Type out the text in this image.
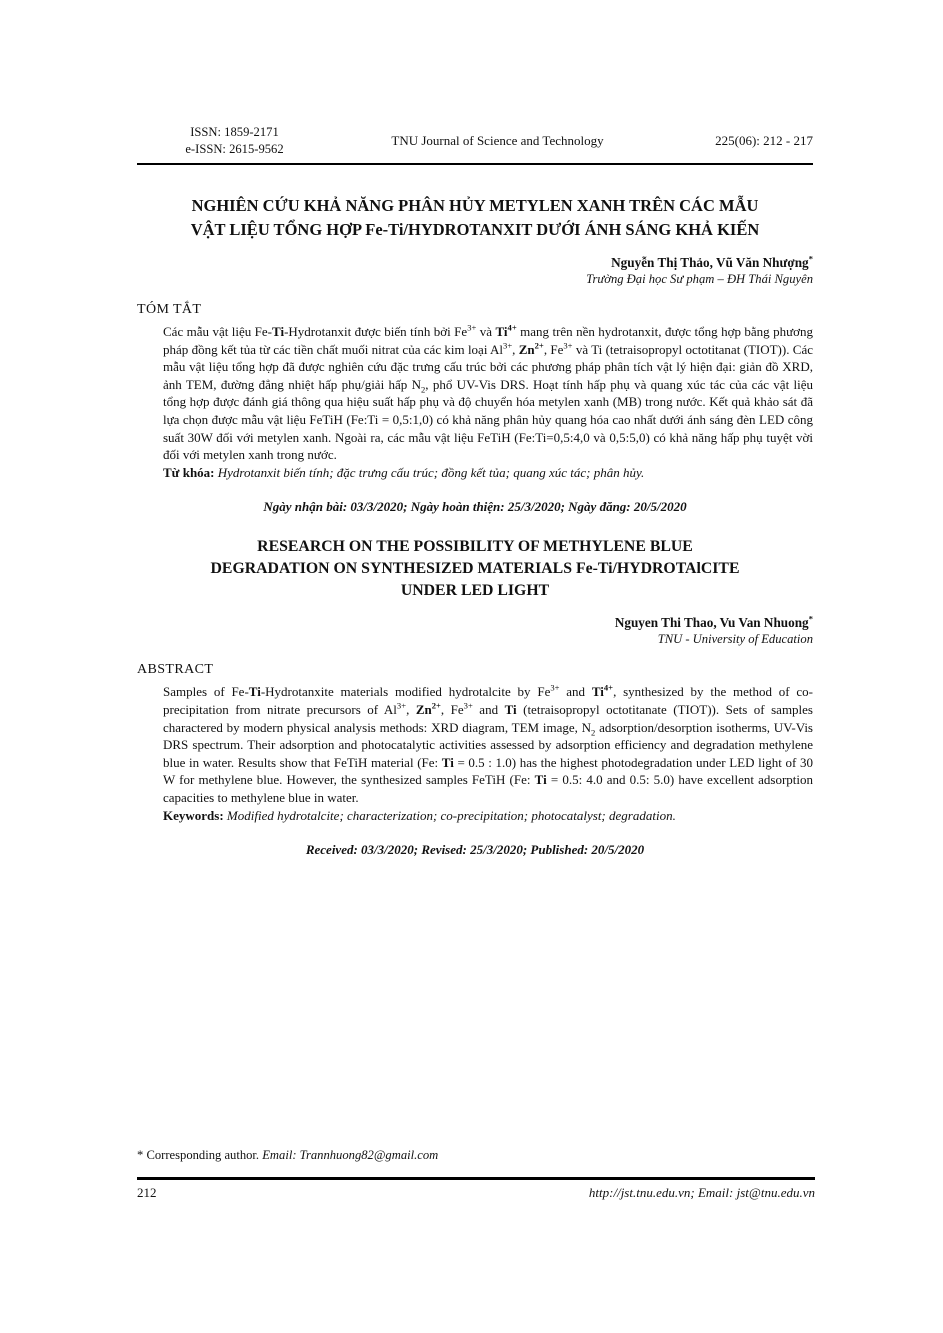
ISSN: 1859-2171
e-ISSN: 2615-9562
TNU Journal of Science and Technology	225(06): 212 - 217
NGHIÊN CỨU KHẢ NĂNG PHÂN HỦY METYLEN XANH TRÊN CÁC MẪU
VẬT LIỆU TỔNG HỢP Fe-Ti/HYDROTANXIT DƯỚI ÁNH SÁNG KHẢ KIẾN
Nguyễn Thị Thảo, Vũ Văn Nhượng*
Trường Đại học Sư phạm – ĐH Thái Nguyên
TÓM TẮT
Các mẫu vật liệu Fe-Ti-Hydrotanxit được biến tính bởi $Fe^{3+}$ và $Ti^{4+}$ mang trên nền hydrotanxit, được tổng hợp bằng phương pháp đồng kết tủa từ các tiền chất muối nitrat của các kim loại $Al^{3+}$, $Zn^{2+}$, $Fe^{3+}$ và Ti (tetraisopropyl octotitanat (TIOT)). Các mẫu vật liệu tổng hợp đã được nghiên cứu đặc trưng cấu trúc bởi các phương pháp phân tích vật lý hiện đại: giản đồ XRD, ảnh TEM, đường đẳng nhiệt hấp phụ/giải hấp $N_2$, phổ UV-Vis DRS. Hoạt tính hấp phụ và quang xúc tác của các vật liệu tổng hợp được đánh giá thông qua hiệu suất hấp phụ và độ chuyển hóa metylen xanh (MB) trong nước. Kết quả khảo sát đã lựa chọn được mẫu vật liệu FeTiH (Fe:Ti = 0,5:1,0) có khả năng phân hủy quang hóa cao nhất dưới ánh sáng đèn LED công suất 30W đối với metylen xanh. Ngoài ra, các mẫu vật liệu FeTiH (Fe:Ti=0,5:4,0 và 0,5:5,0) có khả năng hấp phụ tuyệt vời đối với metylen xanh trong nước.
Từ khóa: Hydrotanxit biến tính; đặc trưng cấu trúc; đồng kết tủa; quang xúc tác; phân hủy.
Ngày nhận bài: 03/3/2020; Ngày hoàn thiện: 25/3/2020; Ngày đăng: 20/5/2020
RESEARCH ON THE POSSIBILITY OF METHYLENE BLUE
DEGRADATION ON SYNTHESIZED MATERIALS Fe-Ti/HYDROTAlCITE
UNDER LED LIGHT
Nguyen Thi Thao, Vu Van Nhuong*
TNU - University of Education
ABSTRACT
Samples of Fe-Ti-Hydrotanxite materials modified hydrotalcite by $Fe^{3+}$ and $Ti^{4+}$, synthesized by the method of co-precipitation from nitrate precursors of $Al^{3+}$, $Zn^{2+}$, $Fe^{3+}$ and Ti (tetraisopropyl octotitanate (TIOT)). Sets of samples charactered by modern physical analysis methods: XRD diagram, TEM image, $N_2$ adsorption/desorption isotherms, UV-Vis DRS spectrum. Their adsorption and photocatalytic activities assessed by adsorption efficiency and degradation methylene blue in water. Results show that FeTiH material (Fe: Ti = 0.5 : 1.0) has the highest photodegradation under LED light of 30 W for methylene blue. However, the synthesized samples FeTiH (Fe: Ti = 0.5: 4.0 and 0.5: 5.0) have excellent adsorption capacities to methylene blue in water.
Keywords: Modified hydrotalcite; characterization; co-precipitation; photocatalyst; degradation.
Received: 03/3/2020; Revised: 25/3/2020; Published: 20/5/2020
* Corresponding author. Email: Trannhuong82@gmail.com
212	http://jst.tnu.edu.vn; Email: jst@tnu.edu.vn
